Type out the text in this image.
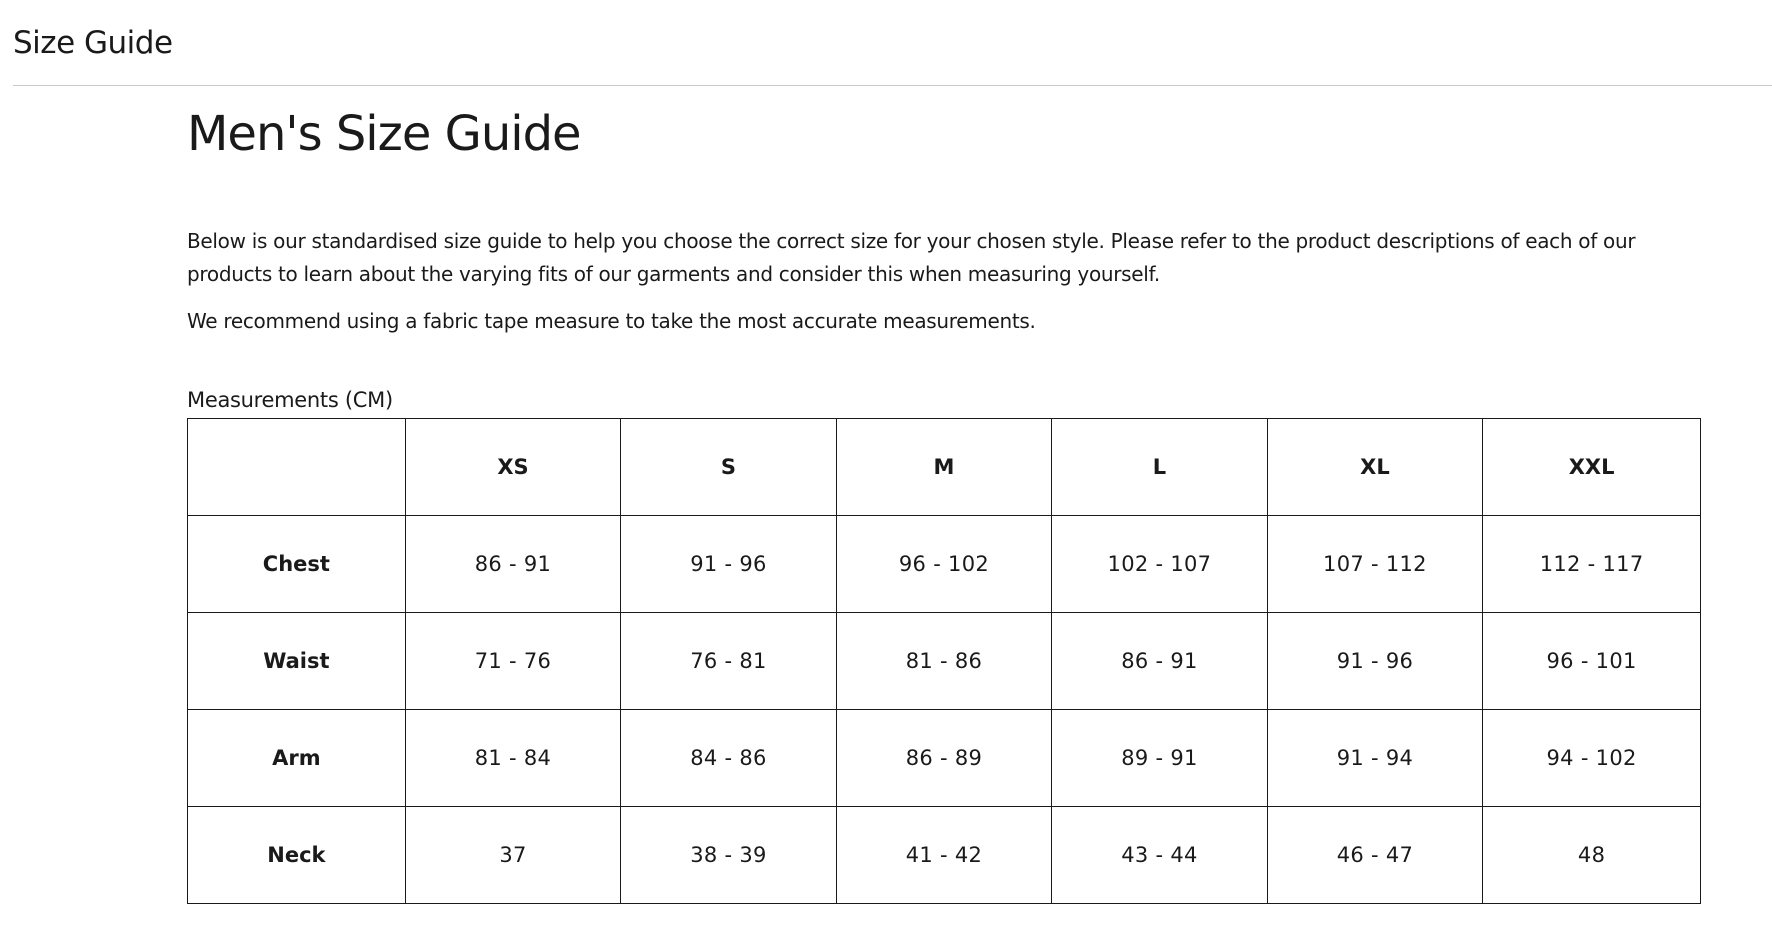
Size Guide
Men's Size Guide

Below is our standardised size guide to help you choose the correct size for your chosen style. Please refer to the product descriptions of each of our products to learn about the varying fits of our garments and consider this when measuring yourself.

We recommend using a fabric tape measure to take the most accurate measurements.

Measurements (CM)
	XS	S	M	L	XL	XXL
Chest	86 - 91	91 - 96	96 - 102	102 - 107	107 - 112	112 - 117
Waist	71 - 76	76 - 81	81 - 86	86 - 91	91 - 96	96 - 101
Arm	81 - 84	84 - 86	86 - 89	89 - 91	91 - 94	94 - 102
Neck	37	38 - 39	41 - 42	43 - 44	46 - 47	48
